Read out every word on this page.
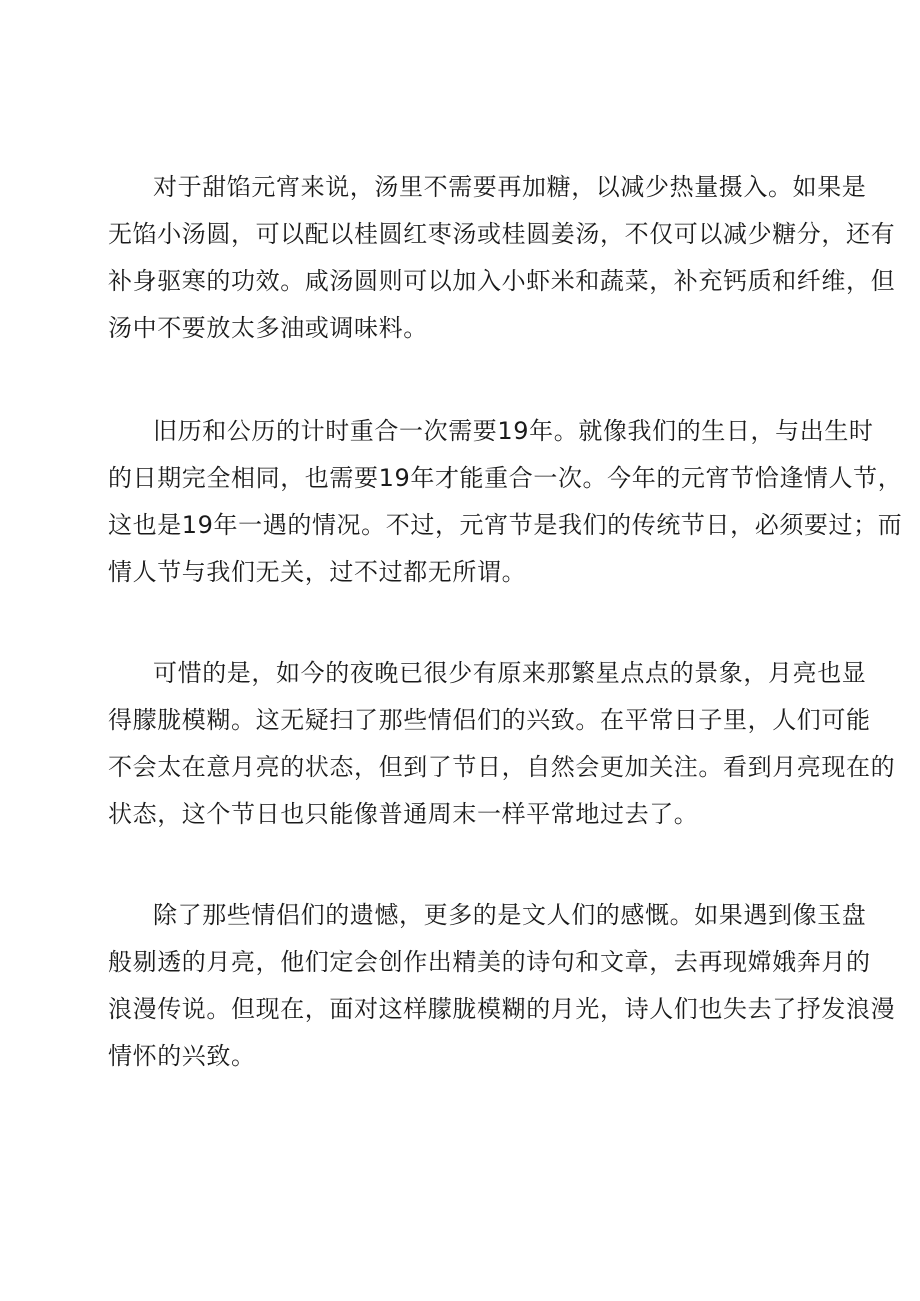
对于甜馅元宵来说，汤里不需要再加糖，以减少热量摄入。如果是
无馅小汤圆，可以配以桂圆红枣汤或桂圆姜汤，不仅可以减少糖分，还有
补身驱寒的功效。咸汤圆则可以加入小虾米和蔬菜，补充钙质和纤维，但
汤中不要放太多油或调味料。

旧历和公历的计时重合一次需要19年。就像我们的生日，与出生时
的日期完全相同，也需要19年才能重合一次。今年的元宵节恰逢情人节，
这也是19年一遇的情况。不过，元宵节是我们的传统节日，必须要过；而
情人节与我们无关，过不过都无所谓。

可惜的是，如今的夜晚已很少有原来那繁星点点的景象，月亮也显
得朦胧模糊。这无疑扫了那些情侣们的兴致。在平常日子里，人们可能
不会太在意月亮的状态，但到了节日，自然会更加关注。看到月亮现在的
状态，这个节日也只能像普通周末一样平常地过去了。

除了那些情侣们的遗憾，更多的是文人们的感慨。如果遇到像玉盘
般剔透的月亮，他们定会创作出精美的诗句和文章，去再现嫦娥奔月的
浪漫传说。但现在，面对这样朦胧模糊的月光，诗人们也失去了抒发浪漫
情怀的兴致。
